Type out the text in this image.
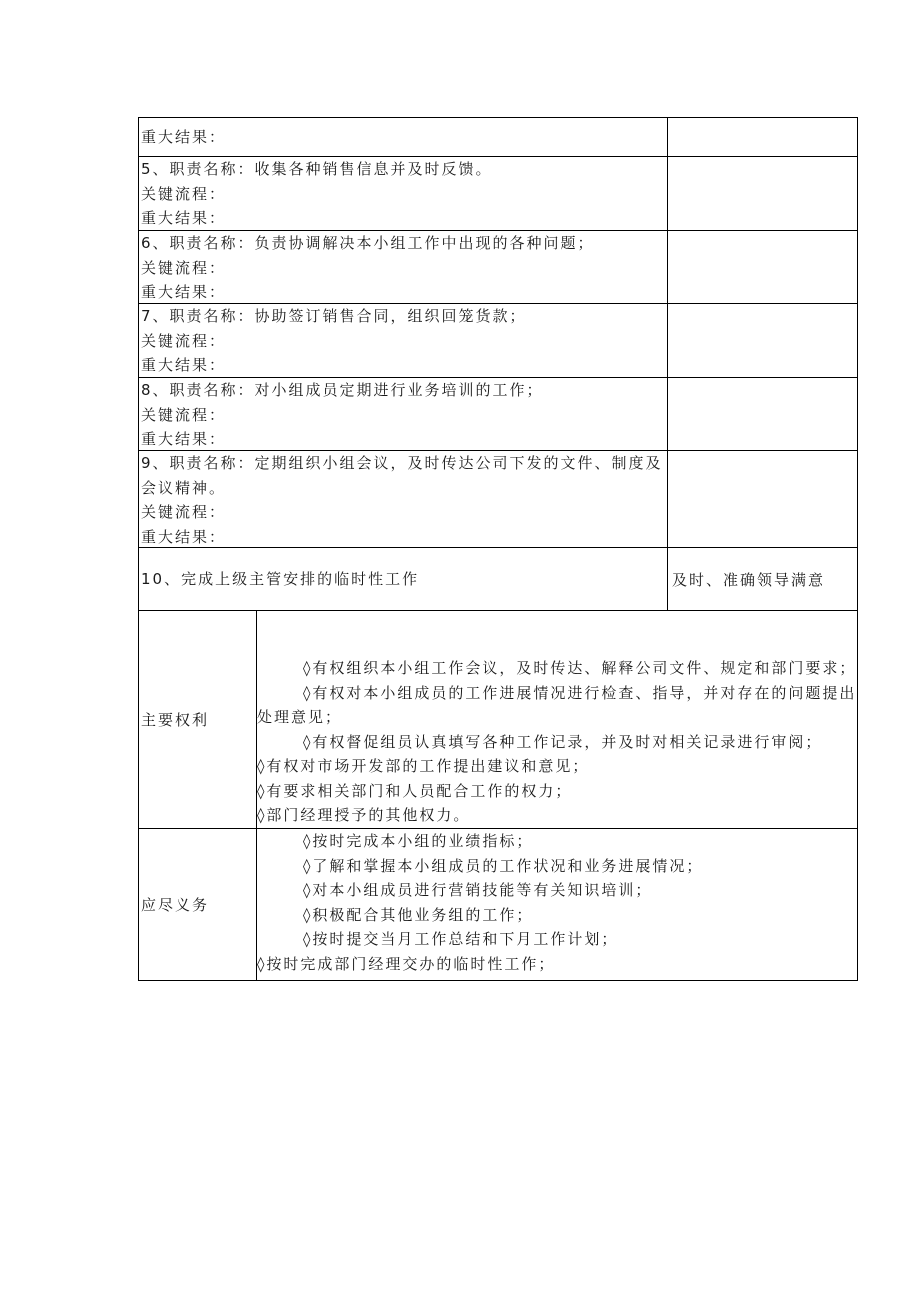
重大结果：
5、职责名称：收集各种销售信息并及时反馈。
关键流程：
重大结果：
6、职责名称：负责协调解决本小组工作中出现的各种问题；
关键流程：
重大结果：
7、职责名称：协助签订销售合同，组织回笼货款；
关键流程：
重大结果：
8、职责名称：对小组成员定期进行业务培训的工作；
关键流程：
重大结果：
9、职责名称：定期组织小组会议，及时传达公司下发的文件、制度及
会议精神。
关键流程：
重大结果：
10、完成上级主管安排的临时性工作	及时、准确领导满意
主要权利
◊有权组织本小组工作会议，及时传达、解释公司文件、规定和部门要求；
◊有权对本小组成员的工作进展情况进行检查、指导，并对存在的问题提出
处理意见；
◊有权督促组员认真填写各种工作记录，并及时对相关记录进行审阅；
◊有权对市场开发部的工作提出建议和意见；
◊有要求相关部门和人员配合工作的权力；
◊部门经理授予的其他权力。
应尽义务
◊按时完成本小组的业绩指标；
◊了解和掌握本小组成员的工作状况和业务进展情况；
◊对本小组成员进行营销技能等有关知识培训；
◊积极配合其他业务组的工作；
◊按时提交当月工作总结和下月工作计划；
◊按时完成部门经理交办的临时性工作；
